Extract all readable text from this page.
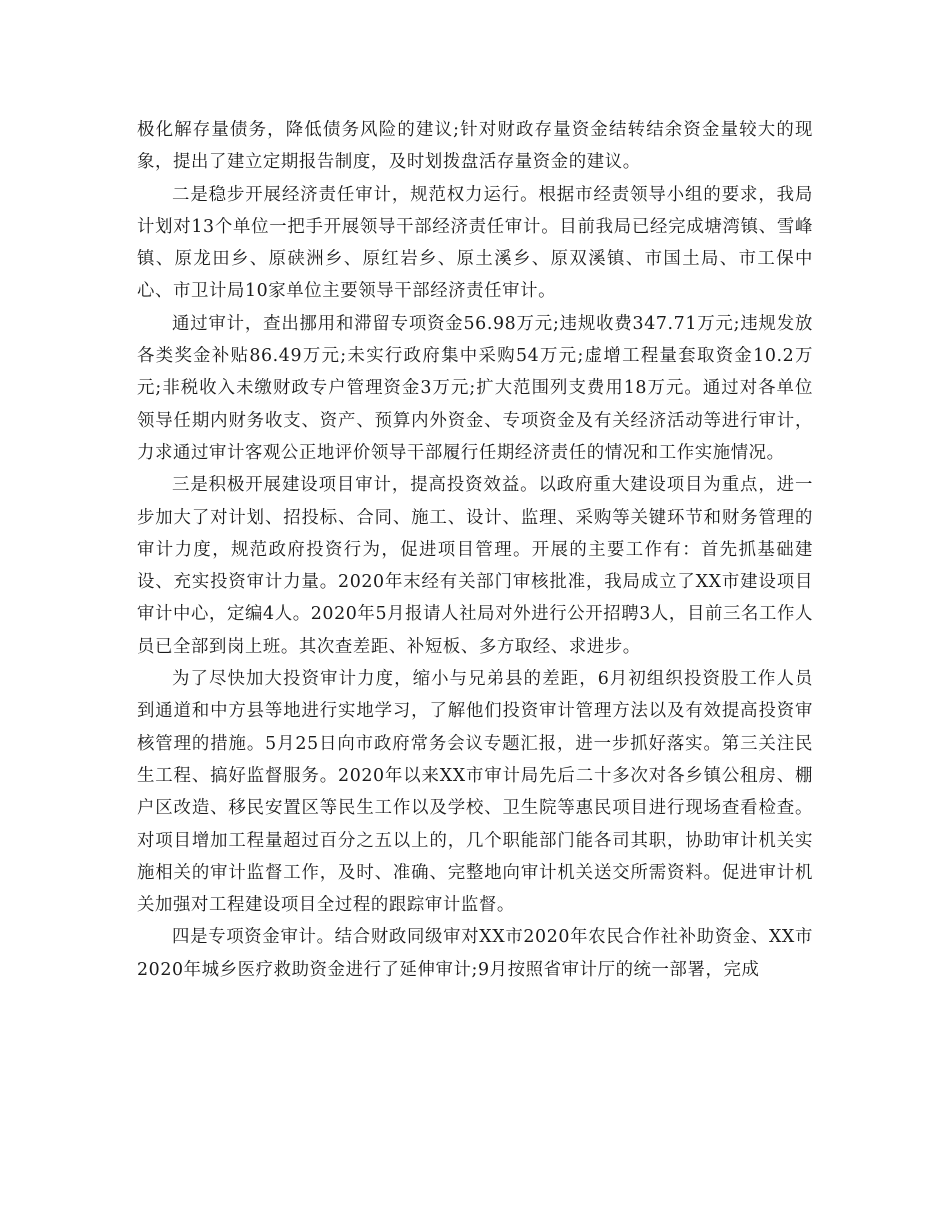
极化解存量债务，降低债务风险的建议;针对财政存量资金结转结余资金量较大的现象，提出了建立定期报告制度，及时划拨盘活存量资金的建议。

二是稳步开展经济责任审计，规范权力运行。根据市经责领导小组的要求，我局计划对13个单位一把手开展领导干部经济责任审计。目前我局已经完成塘湾镇、雪峰镇、原龙田乡、原硖洲乡、原红岩乡、原土溪乡、原双溪镇、市国土局、市工保中心、市卫计局10家单位主要领导干部经济责任审计。

通过审计，查出挪用和滞留专项资金56.98万元;违规收费347.71万元;违规发放各类奖金补贴86.49万元;未实行政府集中采购54万元;虚增工程量套取资金10.2万元;非税收入未缴财政专户管理资金3万元;扩大范围列支费用18万元。通过对各单位领导任期内财务收支、资产、预算内外资金、专项资金及有关经济活动等进行审计，力求通过审计客观公正地评价领导干部履行任期经济责任的情况和工作实施情况。

三是积极开展建设项目审计，提高投资效益。以政府重大建设项目为重点，进一步加大了对计划、招投标、合同、施工、设计、监理、采购等关键环节和财务管理的审计力度，规范政府投资行为，促进项目管理。开展的主要工作有：首先抓基础建设、充实投资审计力量。2020年末经有关部门审核批准，我局成立了XX市建设项目审计中心，定编4人。2020年5月报请人社局对外进行公开招聘3人，目前三名工作人员已全部到岗上班。其次查差距、补短板、多方取经、求进步。

为了尽快加大投资审计力度，缩小与兄弟县的差距，6月初组织投资股工作人员到通道和中方县等地进行实地学习，了解他们投资审计管理方法以及有效提高投资审核管理的措施。5月25日向市政府常务会议专题汇报，进一步抓好落实。第三关注民生工程、搞好监督服务。2020年以来XX市审计局先后二十多次对各乡镇公租房、棚户区改造、移民安置区等民生工作以及学校、卫生院等惠民项目进行现场查看检查。对项目增加工程量超过百分之五以上的，几个职能部门能各司其职，协助审计机关实施相关的审计监督工作，及时、准确、完整地向审计机关送交所需资料。促进审计机关加强对工程建设项目全过程的跟踪审计监督。

四是专项资金审计。结合财政同级审对XX市2020年农民合作社补助资金、XX市2020年城乡医疗救助资金进行了延伸审计;9月按照省审计厅的统一部署，完成
